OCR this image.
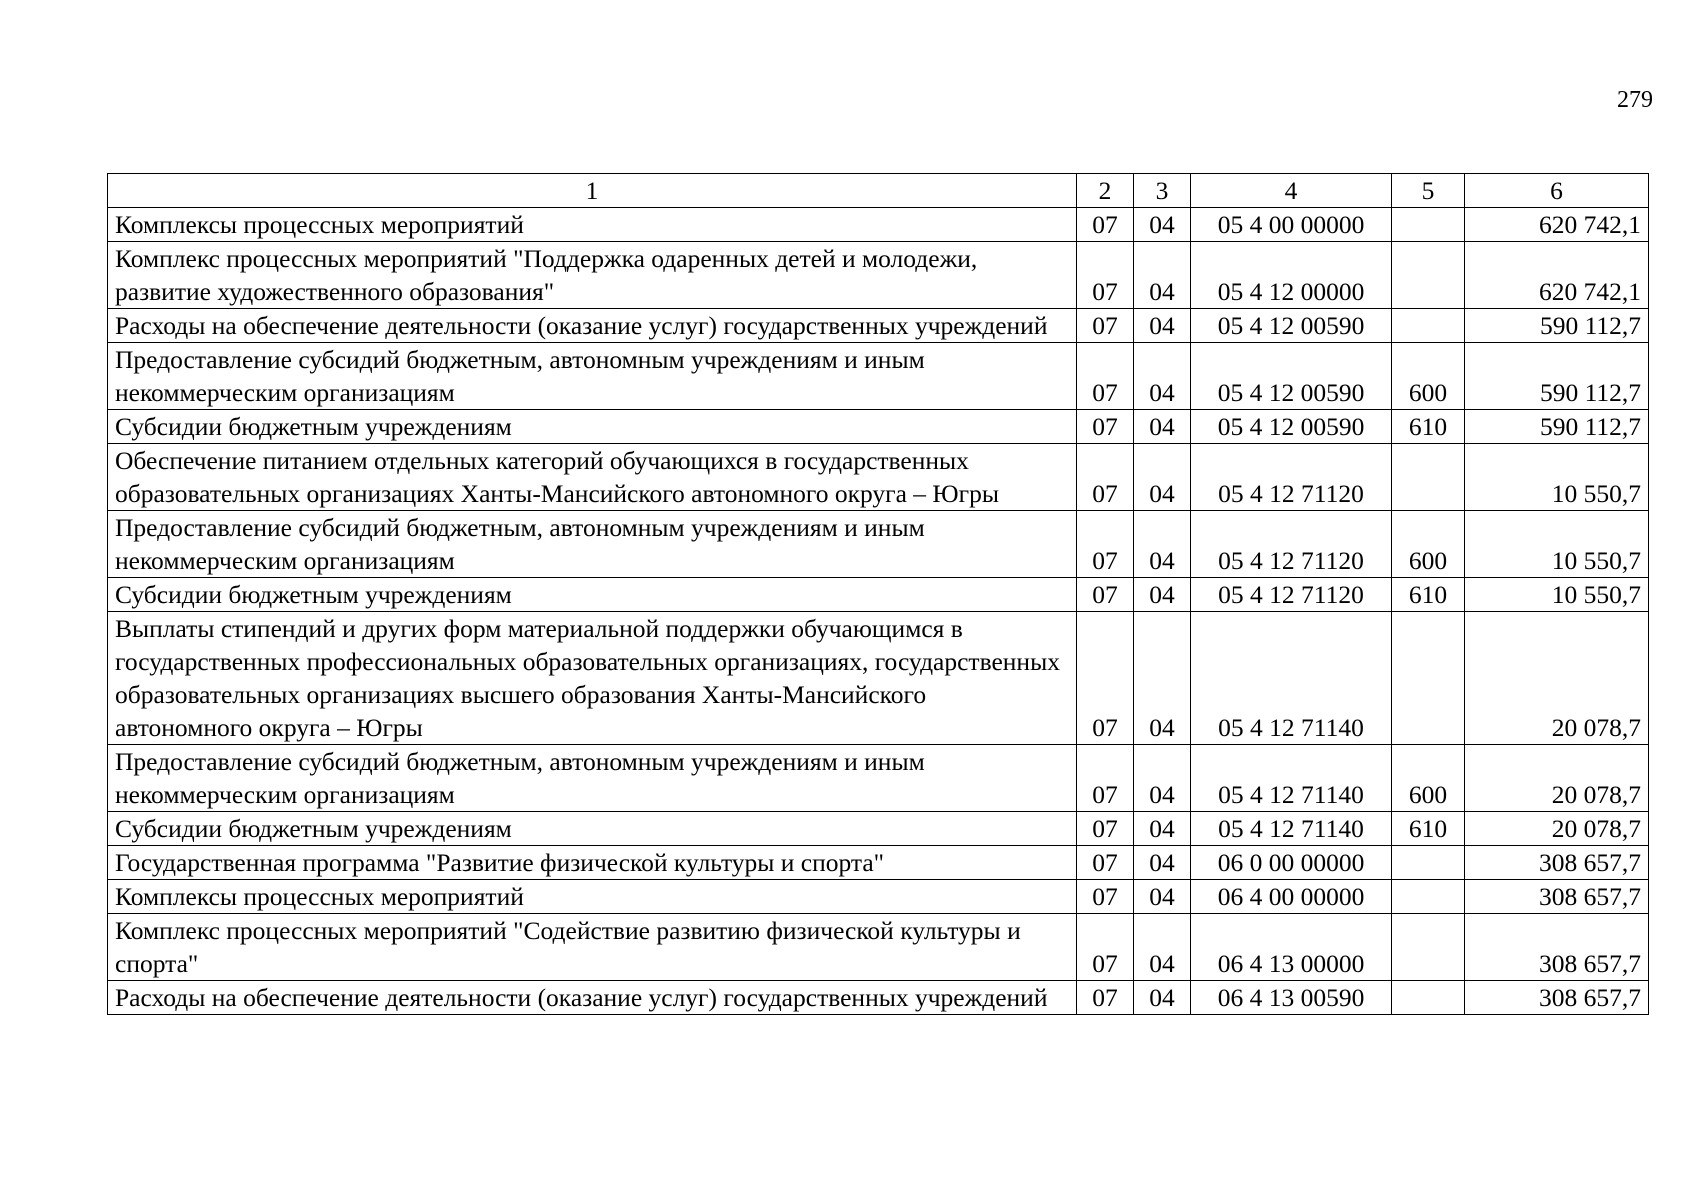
279
1	2	3	4	5	6
Комплексы процессных мероприятий	07	04	05 4 00 00000		620 742,1
Комплекс процессных мероприятий "Поддержка одаренных детей и молодежи, развитие художественного образования"	07	04	05 4 12 00000		620 742,1
Расходы на обеспечение деятельности (оказание услуг) государственных учреждений	07	04	05 4 12 00590		590 112,7
Предоставление субсидий бюджетным, автономным учреждениям и иным некоммерческим организациям	07	04	05 4 12 00590	600	590 112,7
Субсидии бюджетным учреждениям	07	04	05 4 12 00590	610	590 112,7
Обеспечение питанием отдельных категорий обучающихся в государственных образовательных организациях Ханты-Мансийского автономного округа – Югры	07	04	05 4 12 71120		10 550,7
Предоставление субсидий бюджетным, автономным учреждениям и иным некоммерческим организациям	07	04	05 4 12 71120	600	10 550,7
Субсидии бюджетным учреждениям	07	04	05 4 12 71120	610	10 550,7
Выплаты стипендий и других форм материальной поддержки обучающимся в государственных профессиональных образовательных организациях, государственных образовательных организациях высшего образования Ханты-Мансийского автономного округа – Югры	07	04	05 4 12 71140		20 078,7
Предоставление субсидий бюджетным, автономным учреждениям и иным некоммерческим организациям	07	04	05 4 12 71140	600	20 078,7
Субсидии бюджетным учреждениям	07	04	05 4 12 71140	610	20 078,7
Государственная программа "Развитие физической культуры и спорта"	07	04	06 0 00 00000		308 657,7
Комплексы процессных мероприятий	07	04	06 4 00 00000		308 657,7
Комплекс процессных мероприятий "Содействие развитию физической культуры и спорта"	07	04	06 4 13 00000		308 657,7
Расходы на обеспечение деятельности (оказание услуг) государственных учреждений	07	04	06 4 13 00590		308 657,7
